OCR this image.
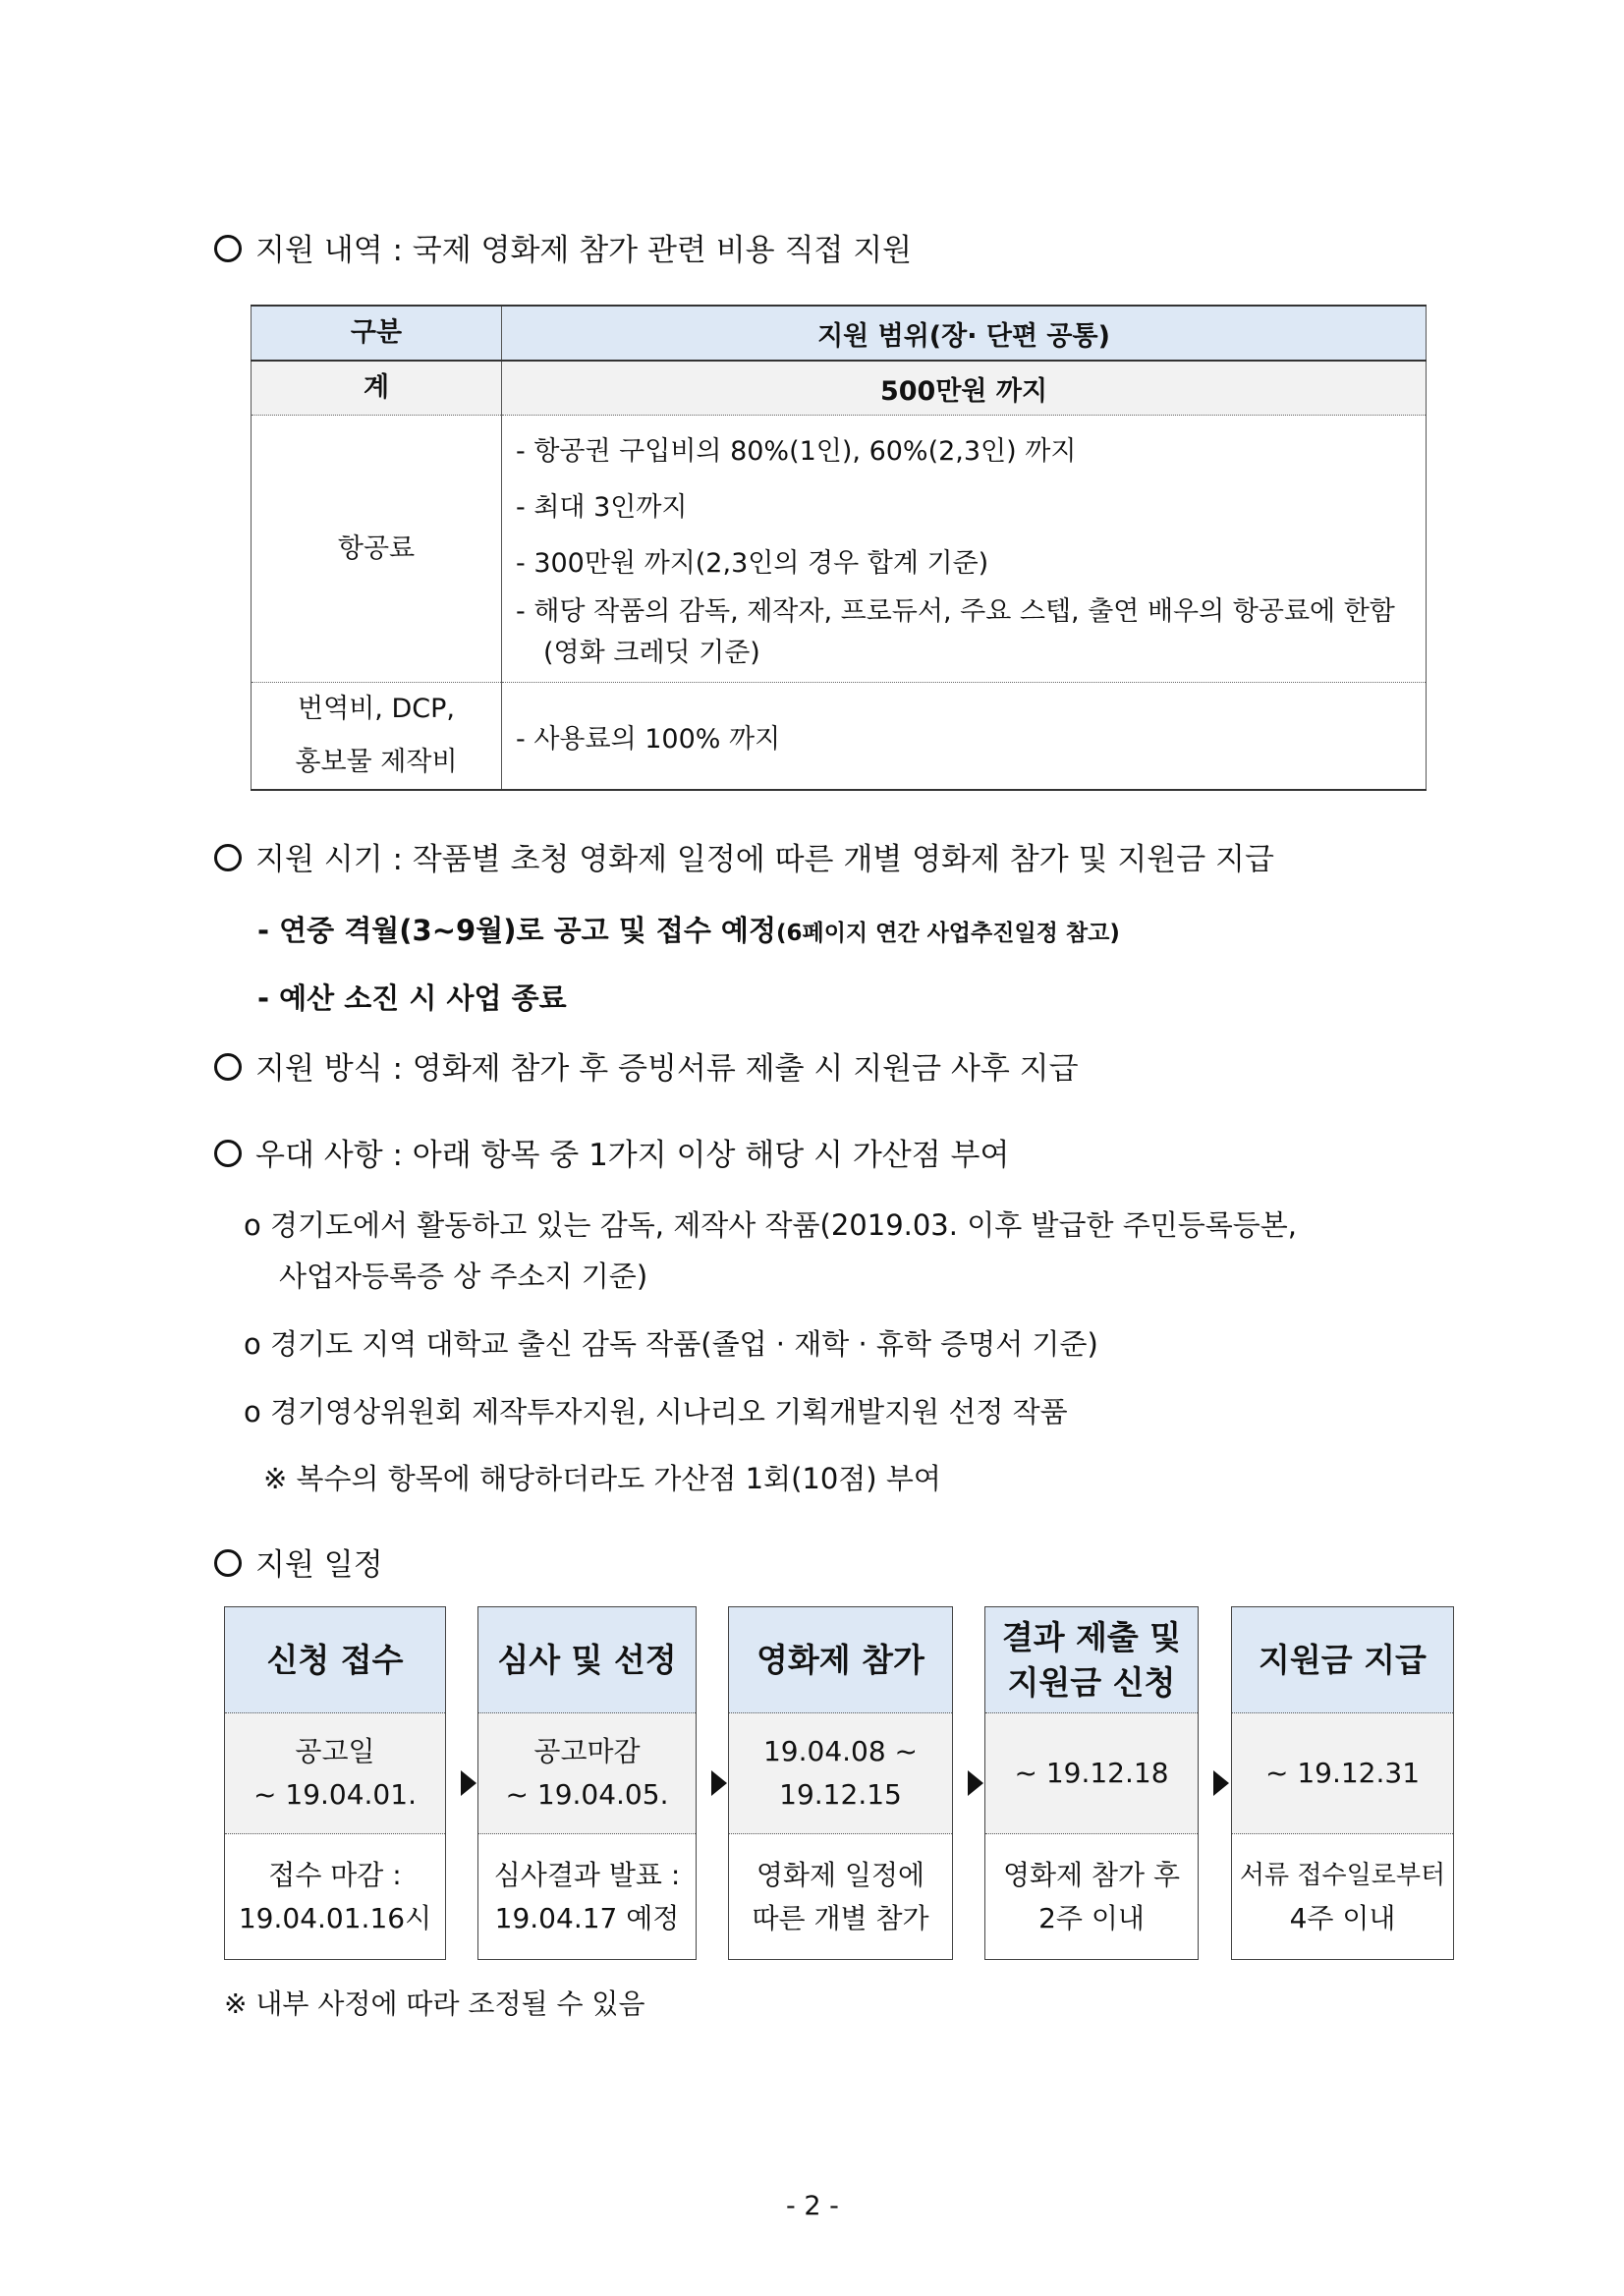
지원 내역 : 국제 영화제 참가 관련 비용 직접 지원
구분	지원 범위(장· 단편 공통)
계	500만원 까지
항공료	- 항공권 구입비의 80%(1인), 60%(2,3인) 까지
- 최대 3인까지
- 300만원 까지(2,3인의 경우 합계 기준)
- 해당 작품의 감독, 제작자, 프로듀서, 주요 스텝, 출연 배우의 항공료에 한함(영화 크레딧 기준)

번역비, DCP,
홍보물 제작비	- 사용료의 100% 까지
지원 시기 : 작품별 초청 영화제 일정에 따른 개별 영화제 참가 및 지원금 지급
- 연중 격월(3~9월)로 공고 및 접수 예정(6페이지 연간 사업추진일정 참고)
- 예산 소진 시 사업 종료
지원 방식 : 영화제 참가 후 증빙서류 제출 시 지원금 사후 지급
우대 사항 : 아래 항목 중 1가지 이상 해당 시 가산점 부여
o 경기도에서 활동하고 있는 감독, 제작사 작품(2019.03. 이후 발급한 주민등록등본,
사업자등록증 상 주소지 기준)
o 경기도 지역 대학교 출신 감독 작품(졸업 · 재학 · 휴학 증명서 기준)
o 경기영상위원회 제작투자지원, 시나리오 기획개발지원 선정 작품
※ 복수의 항목에 해당하더라도 가산점 1회(10점) 부여
지원 일정
신청 접수
공고일
~ 19.04.01.
접수 마감 :
19.04.01.16시
심사 및 선정
공고마감
~ 19.04.05.
심사결과 발표 :
19.04.17 예정
영화제 참가
19.04.08 ~
19.12.15
영화제 일정에
따른 개별 참가
결과 제출 및
지원금 신청
~ 19.12.18
영화제 참가 후
2주 이내
지원금 지급
~ 19.12.31
서류 접수일로부터
4주 이내
※ 내부 사정에 따라 조정될 수 있음
- 2 -
